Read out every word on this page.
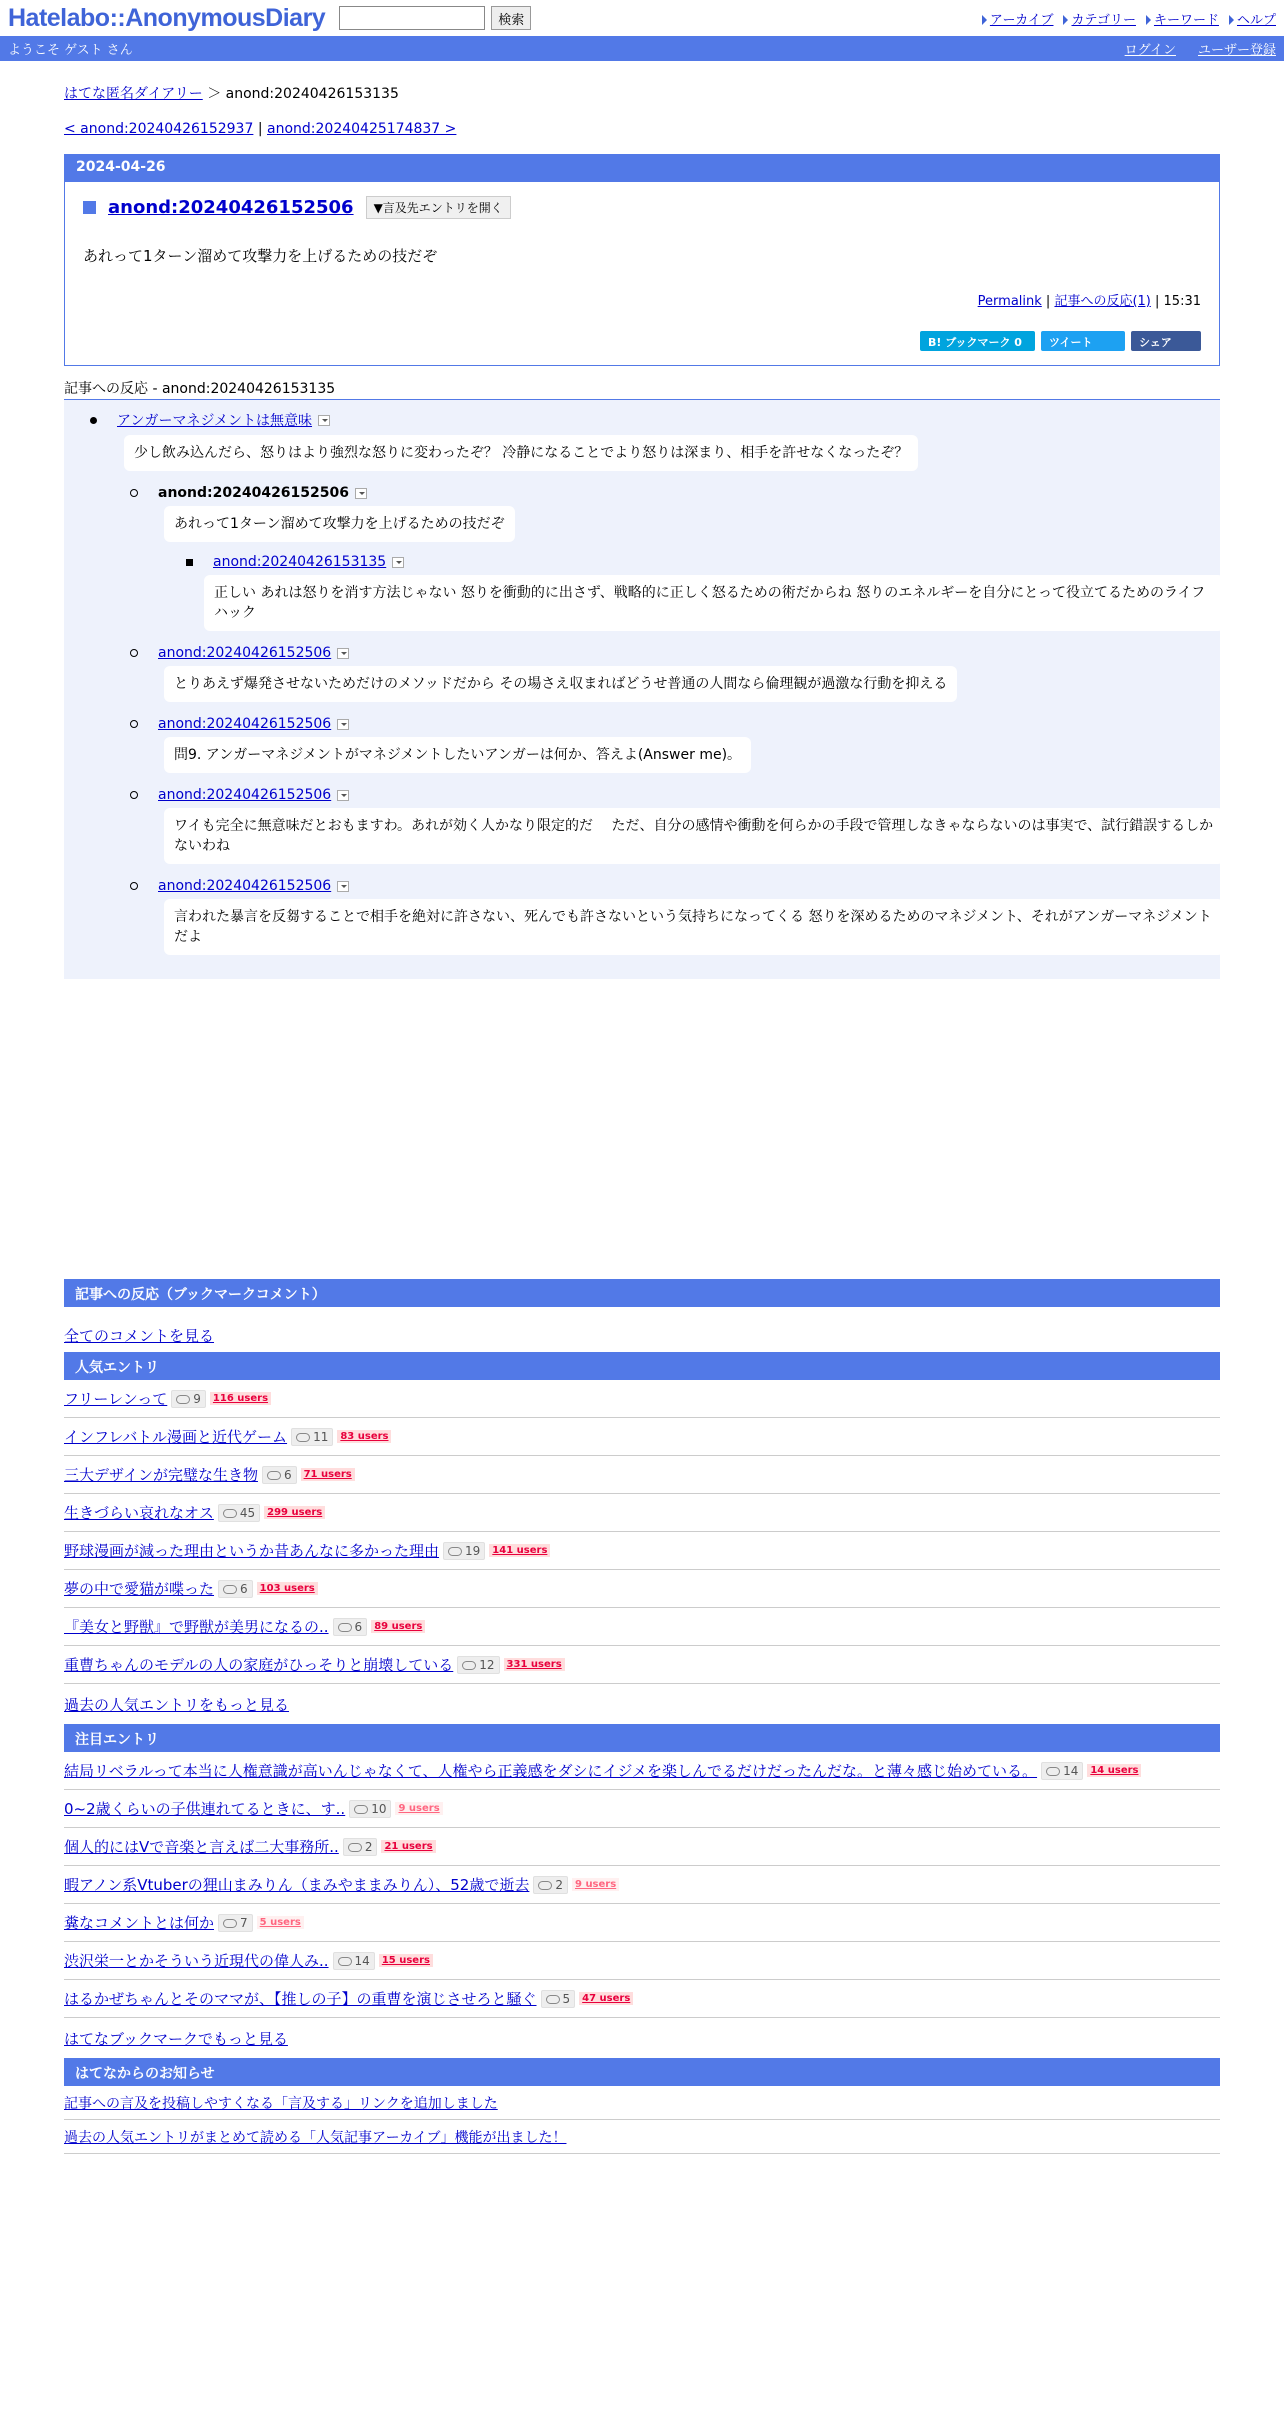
Hatelabo::AnonymousDiary	検索	アーカイブ	カテゴリー	キーワード	ヘルプ
ようこそ ゲスト さん	ログイン ユーザー登録
はてな匿名ダイアリー ＞ anond:20240426153135
< anond:20240426152937 | anond:20240425174837 >
2024-04-26
anond:20240426152506	▼言及先エントリを開く
あれって1ターン溜めて攻撃力を上げるための技だぞ
Permalink | 記事への反応(1) | 15:31
B! ブックマーク 0	ツイート	シェア
記事への反応 - anond:20240426153135
アンガーマネジメントは無意味
少し飲み込んだら、怒りはより強烈な怒りに変わったぞ？ 冷静になることでより怒りは深まり、相手を許せなくなったぞ？
anond:20240426152506
あれって1ターン溜めて攻撃力を上げるための技だぞ
anond:20240426153135
正しい あれは怒りを消す方法じゃない 怒りを衝動的に出さず、戦略的に正しく怒るための術だからね 怒りのエネルギーを自分にとって役立てるためのライフハック
anond:20240426152506
とりあえず爆発させないためだけのメソッドだから その場さえ収まればどうせ普通の人間なら倫理観が過激な行動を抑える
anond:20240426152506
問9. アンガーマネジメントがマネジメントしたいアンガーは何か、答えよ(Answer me)。
anond:20240426152506
ワイも完全に無意味だとおもますわ。あれが効く人かなり限定的だ　 ただ、自分の感情や衝動を何らかの手段で管理しなきゃならないのは事実で、試行錯誤するしかないわね
anond:20240426152506
言われた暴言を反芻することで相手を絶対に許さない、死んでも許さないという気持ちになってくる 怒りを深めるためのマネジメント、それがアンガーマネジメントだよ
記事への反応（ブックマークコメント）
全てのコメントを見る
人気エントリ
フリーレンって	9	116 users
インフレバトル漫画と近代ゲーム	11	83 users
三大デザインが完璧な生き物	6	71 users
生きづらい哀れなオス	45	299 users
野球漫画が減った理由というか昔あんなに多かった理由	19	141 users
夢の中で愛猫が喋った	6	103 users
『美女と野獣』で野獣が美男になるの..	6	89 users
重曹ちゃんのモデルの人の家庭がひっそりと崩壊している	12	331 users
過去の人気エントリをもっと見る
注目エントリ
結局リベラルって本当に人権意識が高いんじゃなくて、人権やら正義感をダシにイジメを楽しんでるだけだったんだな。と薄々感じ始めている。	14	14 users
0~2歳くらいの子供連れてるときに、す..	10	9 users
個人的にはVで音楽と言えば二大事務所..	2	21 users
暇アノン系Vtuberの狸山まみりん（まみやままみりん）、52歳で逝去	2	9 users
糞なコメントとは何か	7	5 users
渋沢栄一とかそういう近現代の偉人み..	14	15 users
はるかぜちゃんとそのママが、【推しの子】の重曹を演じさせろと騒ぐ	5	47 users
はてなブックマークでもっと見る
はてなからのお知らせ
記事への言及を投稿しやすくなる「言及する」リンクを追加しました
過去の人気エントリがまとめて読める「人気記事アーカイブ」機能が出ました！
